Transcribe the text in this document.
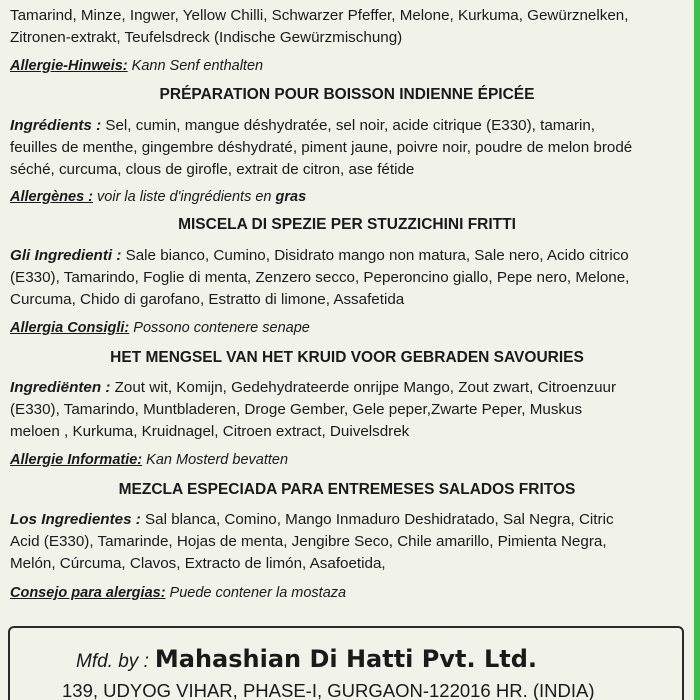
Tamarind, Minze, Ingwer, Yellow Chilli, Schwarzer Pfeffer, Melone, Kurkuma, Gewürznelken,
Zitronen-extrakt, Teufelsdreck (Indische Gewürzmischung)
Allergie-Hinweis: Kann Senf enthalten
PRÉPARATION POUR BOISSON INDIENNE ÉPICÉE
Ingrédients : Sel, cumin, mangue déshydratée, sel noir, acide citrique (E330), tamarin,
feuilles de menthe, gingembre déshydraté, piment jaune, poivre noir, poudre de melon brodé
séché, curcuma, clous de girofle, extrait de citron, ase fétide
Allergènes : voir la liste d'ingrédients en gras
MISCELA DI SPEZIE PER STUZZICHINI FRITTI
Gli Ingredienti : Sale bianco, Cumino, Disidrato mango non matura, Sale nero, Acido citrico
(E330), Tamarindo, Foglie di menta, Zenzero secco, Peperoncino giallo, Pepe nero, Melone,
Curcuma, Chido di garofano, Estratto di limone, Assafetida
Allergia Consigli: Possono contenere senape
HET MENGSEL VAN HET KRUID VOOR GEBRADEN SAVOURIES
Ingrediënten : Zout wit, Komijn, Gedehydrateerde onrijpe Mango, Zout zwart, Citroenzuur
(E330), Tamarindo, Muntbladeren, Droge Gember, Gele peper,Zwarte Peper, Muskus
meloen , Kurkuma, Kruidnagel, Citroen extract, Duivelsdrek
Allergie Informatie: Kan Mosterd bevatten
MEZCLA ESPECIADA PARA ENTREMESES SALADOS FRITOS
Los Ingredientes : Sal blanca, Comino, Mango Inmaduro Deshidratado, Sal Negra, Citric
Acid (E330), Tamarinde, Hojas de menta, Jengibre Seco, Chile amarillo, Pimienta Negra,
Melón, Cúrcuma, Clavos, Extracto de limón, Asafoetida,
Consejo para alergias: Puede contener la mostaza
Mfd. by : Mahashian Di Hatti Pvt. Ltd.
139, UDYOG VIHAR, PHASE-I, GURGAON-122016 HR. (INDIA)
